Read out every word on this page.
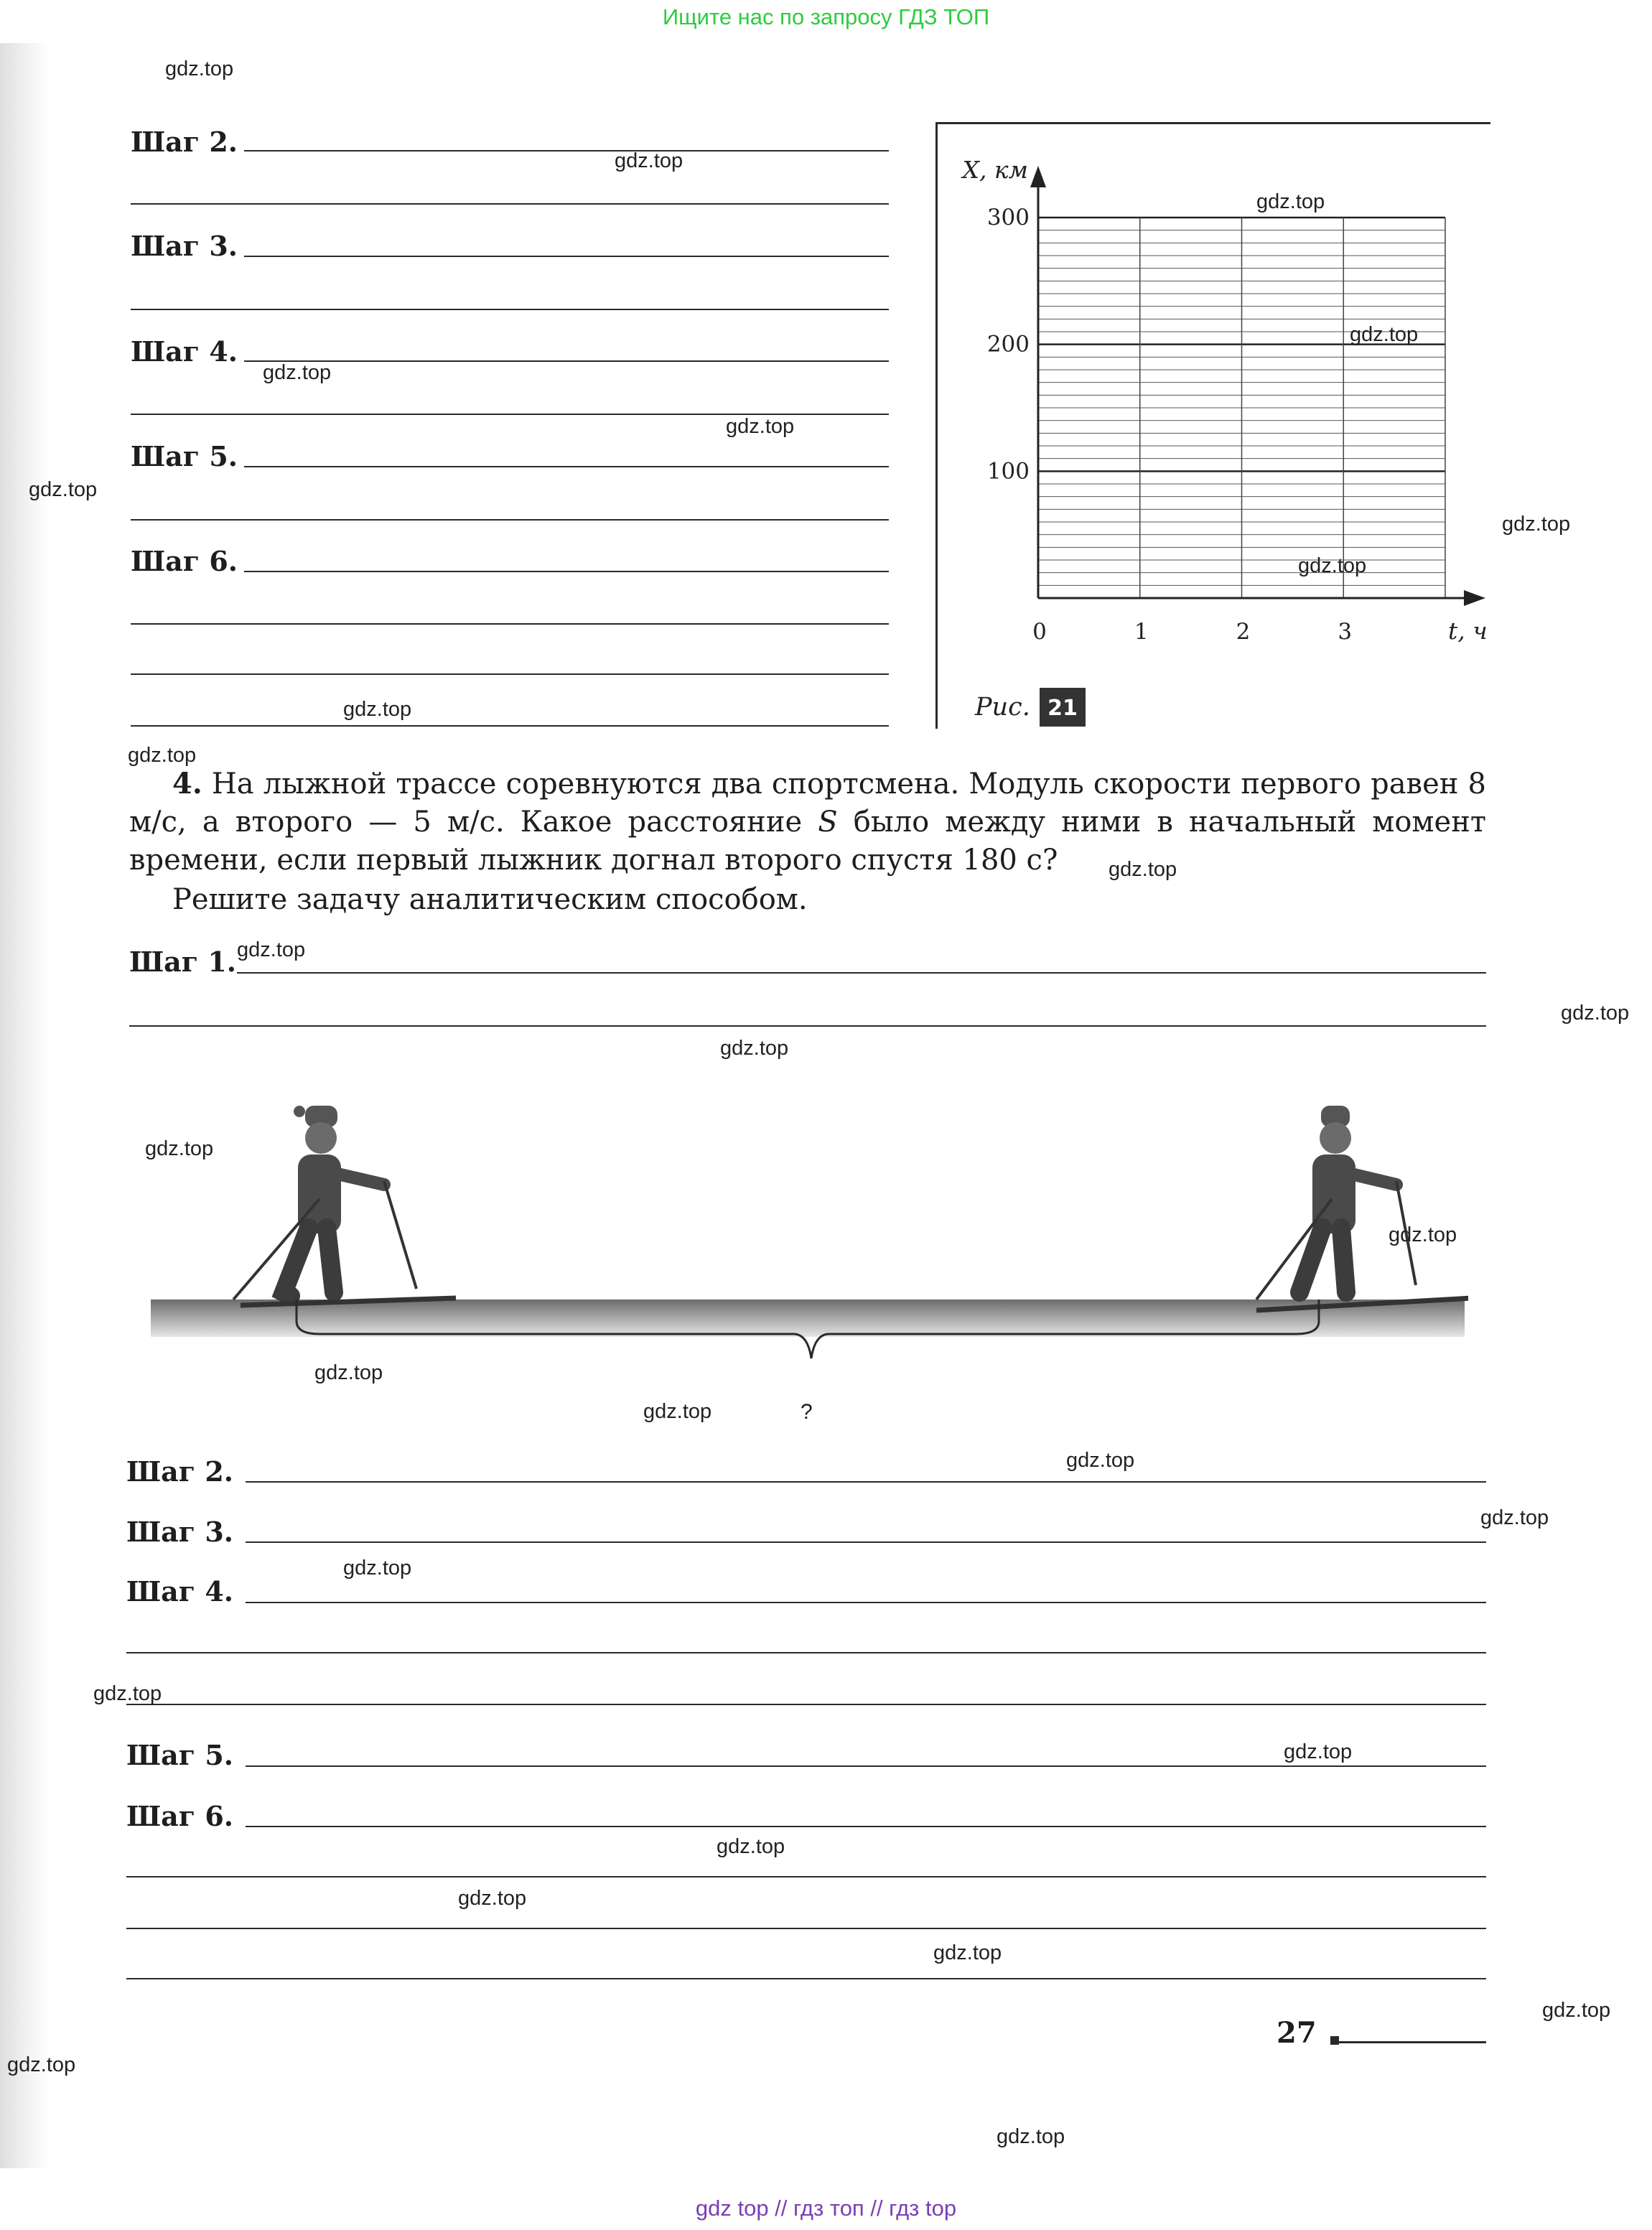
Ищите нас по запросу ГДЗ ТОП
Шаг 2.
Шаг 3.
Шаг 4.
Шаг 5.
Шаг 6.
100
200
300
0	1	2	3
X, км
t, ч
Рис. 21
4. На лыжной трассе соревнуются два спортсмена. Модуль скорости первого равен 8 м/с, а второго — 5 м/с. Какое расстояние S было между ними в начальный момент времени, если первый лыжник догнал второго спустя 180 с?
Решите задачу аналитическим способом.
Шаг 1.
?
Шаг 2.
Шаг 3.
Шаг 4.
Шаг 5.
Шаг 6.
27
gdz.top
gdz.top
gdz.top
gdz.top
gdz.top
gdz.top
gdz.top
gdz.top
gdz.top
gdz.top
gdz.top
gdz.top
gdz.top
gdz.top
gdz.top
gdz.top
gdz.top
gdz.top
gdz.top
gdz.top
gdz.top
gdz.top
gdz.top
gdz.top
gdz.top
gdz.top
gdz.top
gdz.top
gdz.top
gdz.top
gdz top // гдз топ // гдз top
